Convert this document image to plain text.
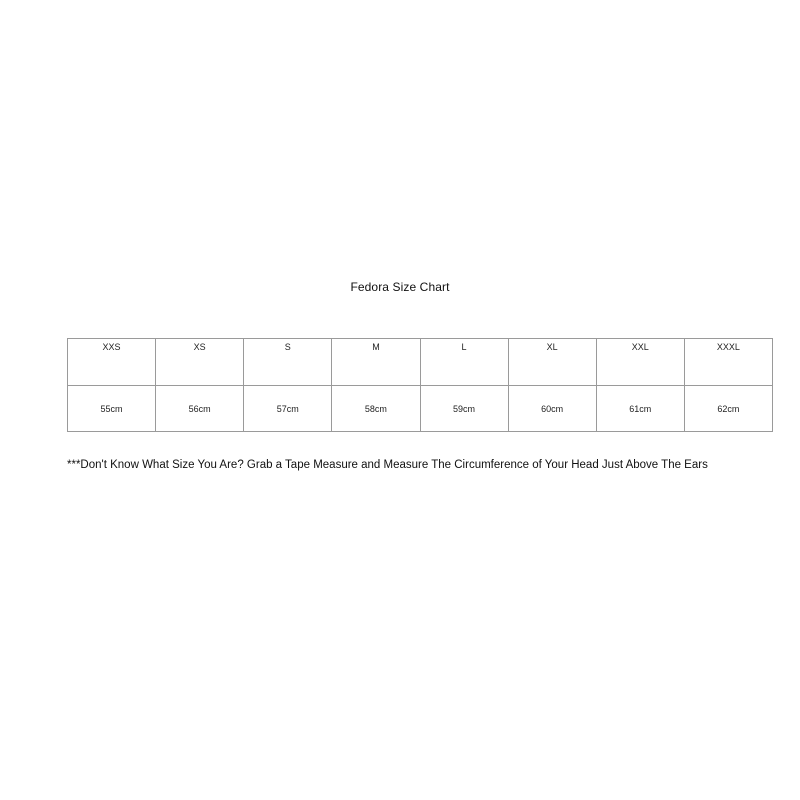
Fedora Size Chart
XXS	XS	S	M	L	XL	XXL	XXXL
55cm	56cm	57cm	58cm	59cm	60cm	61cm	62cm
***Don't Know What Size You Are? Grab a Tape Measure and Measure The Circumference of Your Head Just Above The Ears
